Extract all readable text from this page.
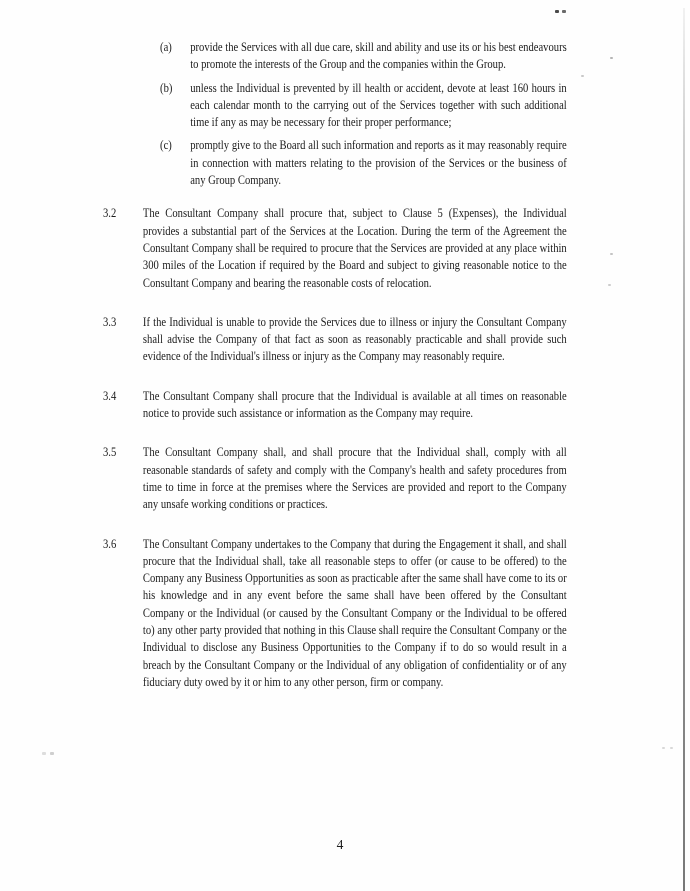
(a)	provide the Services with all due care, skill and ability and use its or his best endeavours to promote the interests of the Group and the companies within the Group.
(b)	unless the Individual is prevented by ill health or accident, devote at least 160 hours in each calendar month to the carrying out of the Services together with such additional time if any as may be necessary for their proper performance;
(c)	promptly give to the Board all such information and reports as it may reasonably require in connection with matters relating to the provision of the Services or the business of any Group Company.
3.2	The Consultant Company shall procure that, subject to Clause 5 (Expenses), the Individual provides a substantial part of the Services at the Location. During the term of the Agreement the Consultant Company shall be required to procure that the Services are provided at any place within 300 miles of the Location if required by the Board and subject to giving reasonable notice to the Consultant Company and bearing the reasonable costs of relocation.
3.3	If the Individual is unable to provide the Services due to illness or injury the Consultant Company shall advise the Company of that fact as soon as reasonably practicable and shall provide such evidence of the Individual's illness or injury as the Company may reasonably require.
3.4	The Consultant Company shall procure that the Individual is available at all times on reasonable notice to provide such assistance or information as the Company may require.
3.5	The Consultant Company shall, and shall procure that the Individual shall, comply with all reasonable standards of safety and comply with the Company's health and safety procedures from time to time in force at the premises where the Services are provided and report to the Company any unsafe working conditions or practices.
3.6	The Consultant Company undertakes to the Company that during the Engagement it shall, and shall procure that the Individual shall, take all reasonable steps to offer (or cause to be offered) to the Company any Business Opportunities as soon as practicable after the same shall have come to its or his knowledge and in any event before the same shall have been offered by the Consultant Company or the Individual (or caused by the Consultant Company or the Individual to be offered to) any other party provided that nothing in this Clause shall require the Consultant Company or the Individual to disclose any Business Opportunities to the Company if to do so would result in a breach by the Consultant Company or the Individual of any obligation of confidentiality or of any fiduciary duty owed by it or him to any other person, firm or company.
4
